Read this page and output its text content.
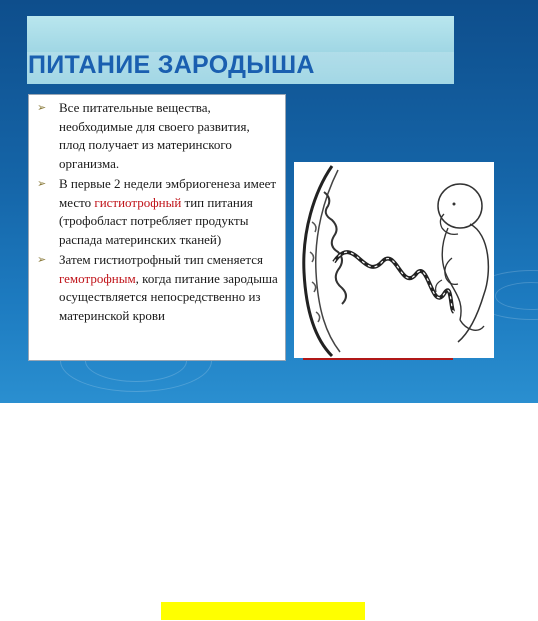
ПИТАНИЕ ЗАРОДЫША
➢ Все питательные вещества, необходимые для своего развития, плод получает из материнского организма.
➢ В первые 2 недели эмбриогенеза имеет место гистиотрофный тип питания (трофобласт потребляет продукты распада материнских тканей)
➢ Затем гистиотрофный тип сменяется гемотрофным, когда питание зародыша осуществляется непосредственно из материнской крови
